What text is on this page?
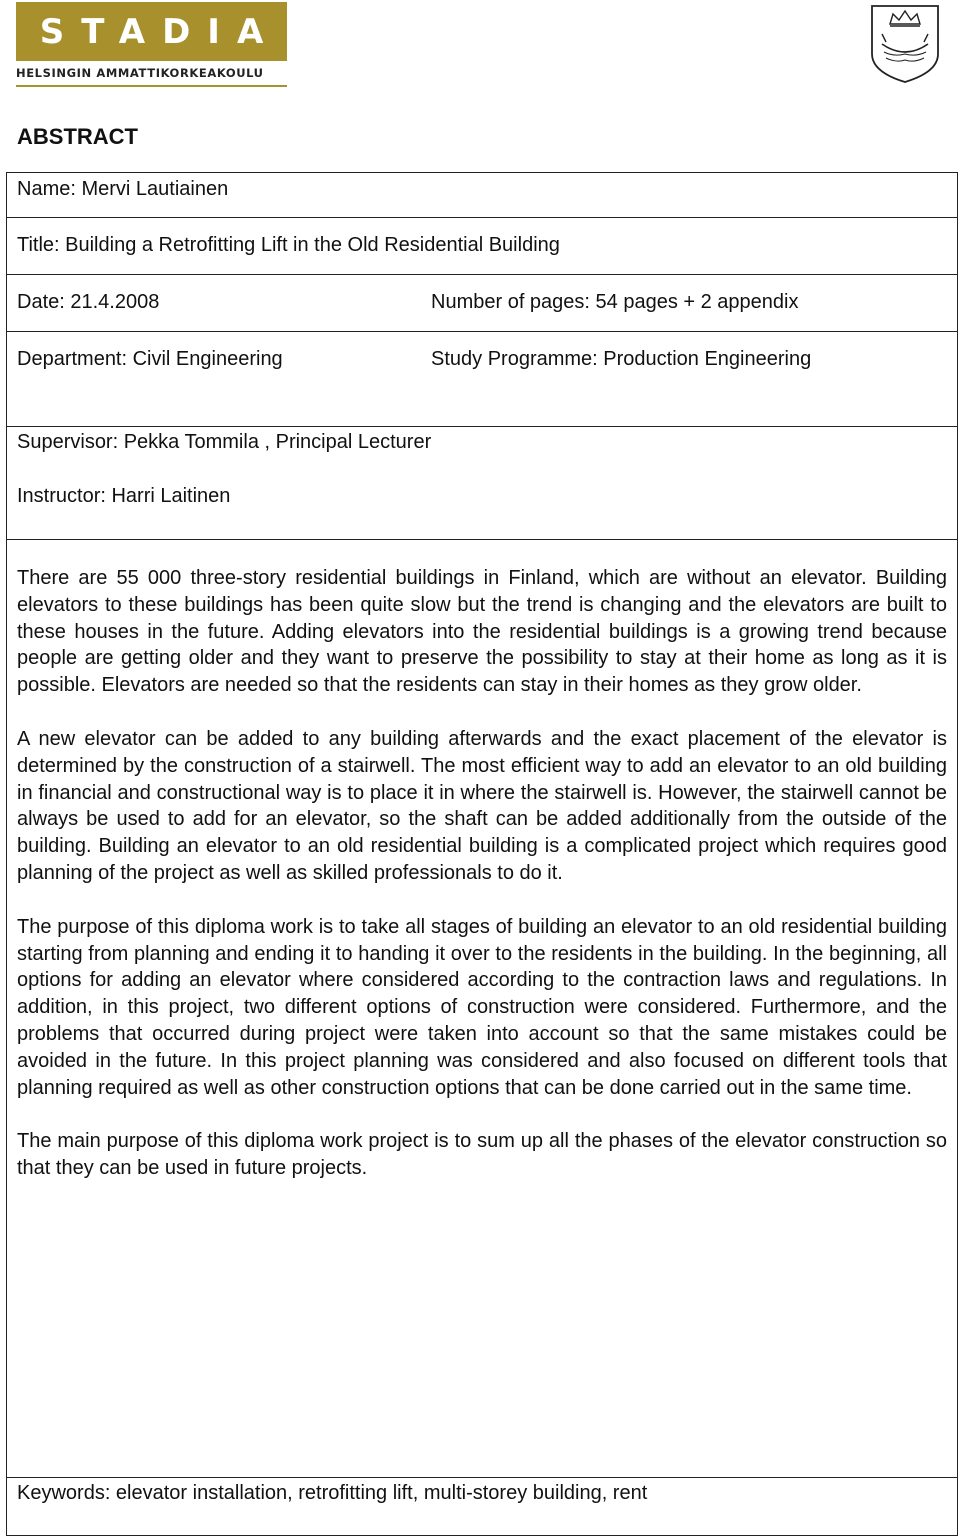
STADIA
HELSINGIN AMMATTIKORKEAKOULU
ABSTRACT
Name: Mervi Lautiainen
Title: Building a Retrofitting Lift in the Old Residential Building
Date: 21.4.2008	Number of pages: 54 pages + 2 appendix
Department: Civil Engineering	Study Programme: Production Engineering
Supervisor: Pekka Tommila , Principal Lecturer
Instructor: Harri Laitinen

There are 55 000 three-story residential buildings in Finland, which are without an elevator. Building elevators to these buildings has been quite slow but the trend is changing and the elevators are built to these houses in the future. Adding elevators into the residential buildings is a growing trend because people are getting older and they want to preserve the possibility to stay at their home as long as it is possible. Elevators are needed so that the residents can stay in their homes as they grow older.

A new elevator can be added to any building afterwards and the exact placement of the elevator is determined by the construction of a stairwell. The most efficient way to add an elevator to an old building in financial and constructional way is to place it in where the stairwell is. However, the stairwell cannot be always be used to add for an elevator, so the shaft can be added additionally from the outside of the building. Building an elevator to an old residential building is a complicated project which requires good planning of the project as well as skilled professionals to do it.

The purpose of this diploma work is to take all stages of building an elevator to an old residential building starting from planning and ending it to handing it over to the residents in the building. In the beginning, all options for adding an elevator where considered according to the contraction laws and regulations. In addition, in this project, two different options of construction were considered. Furthermore, and the problems that occurred during project were taken into account so that the same mistakes could be avoided in the future. In this project planning was considered and also focused on different tools that planning required as well as other construction options that can be done carried out in the same time.

The main purpose of this diploma work project is to sum up all the phases of the elevator construction so that they can be used in future projects.

Keywords: elevator installation, retrofitting lift, multi-storey building, rent
